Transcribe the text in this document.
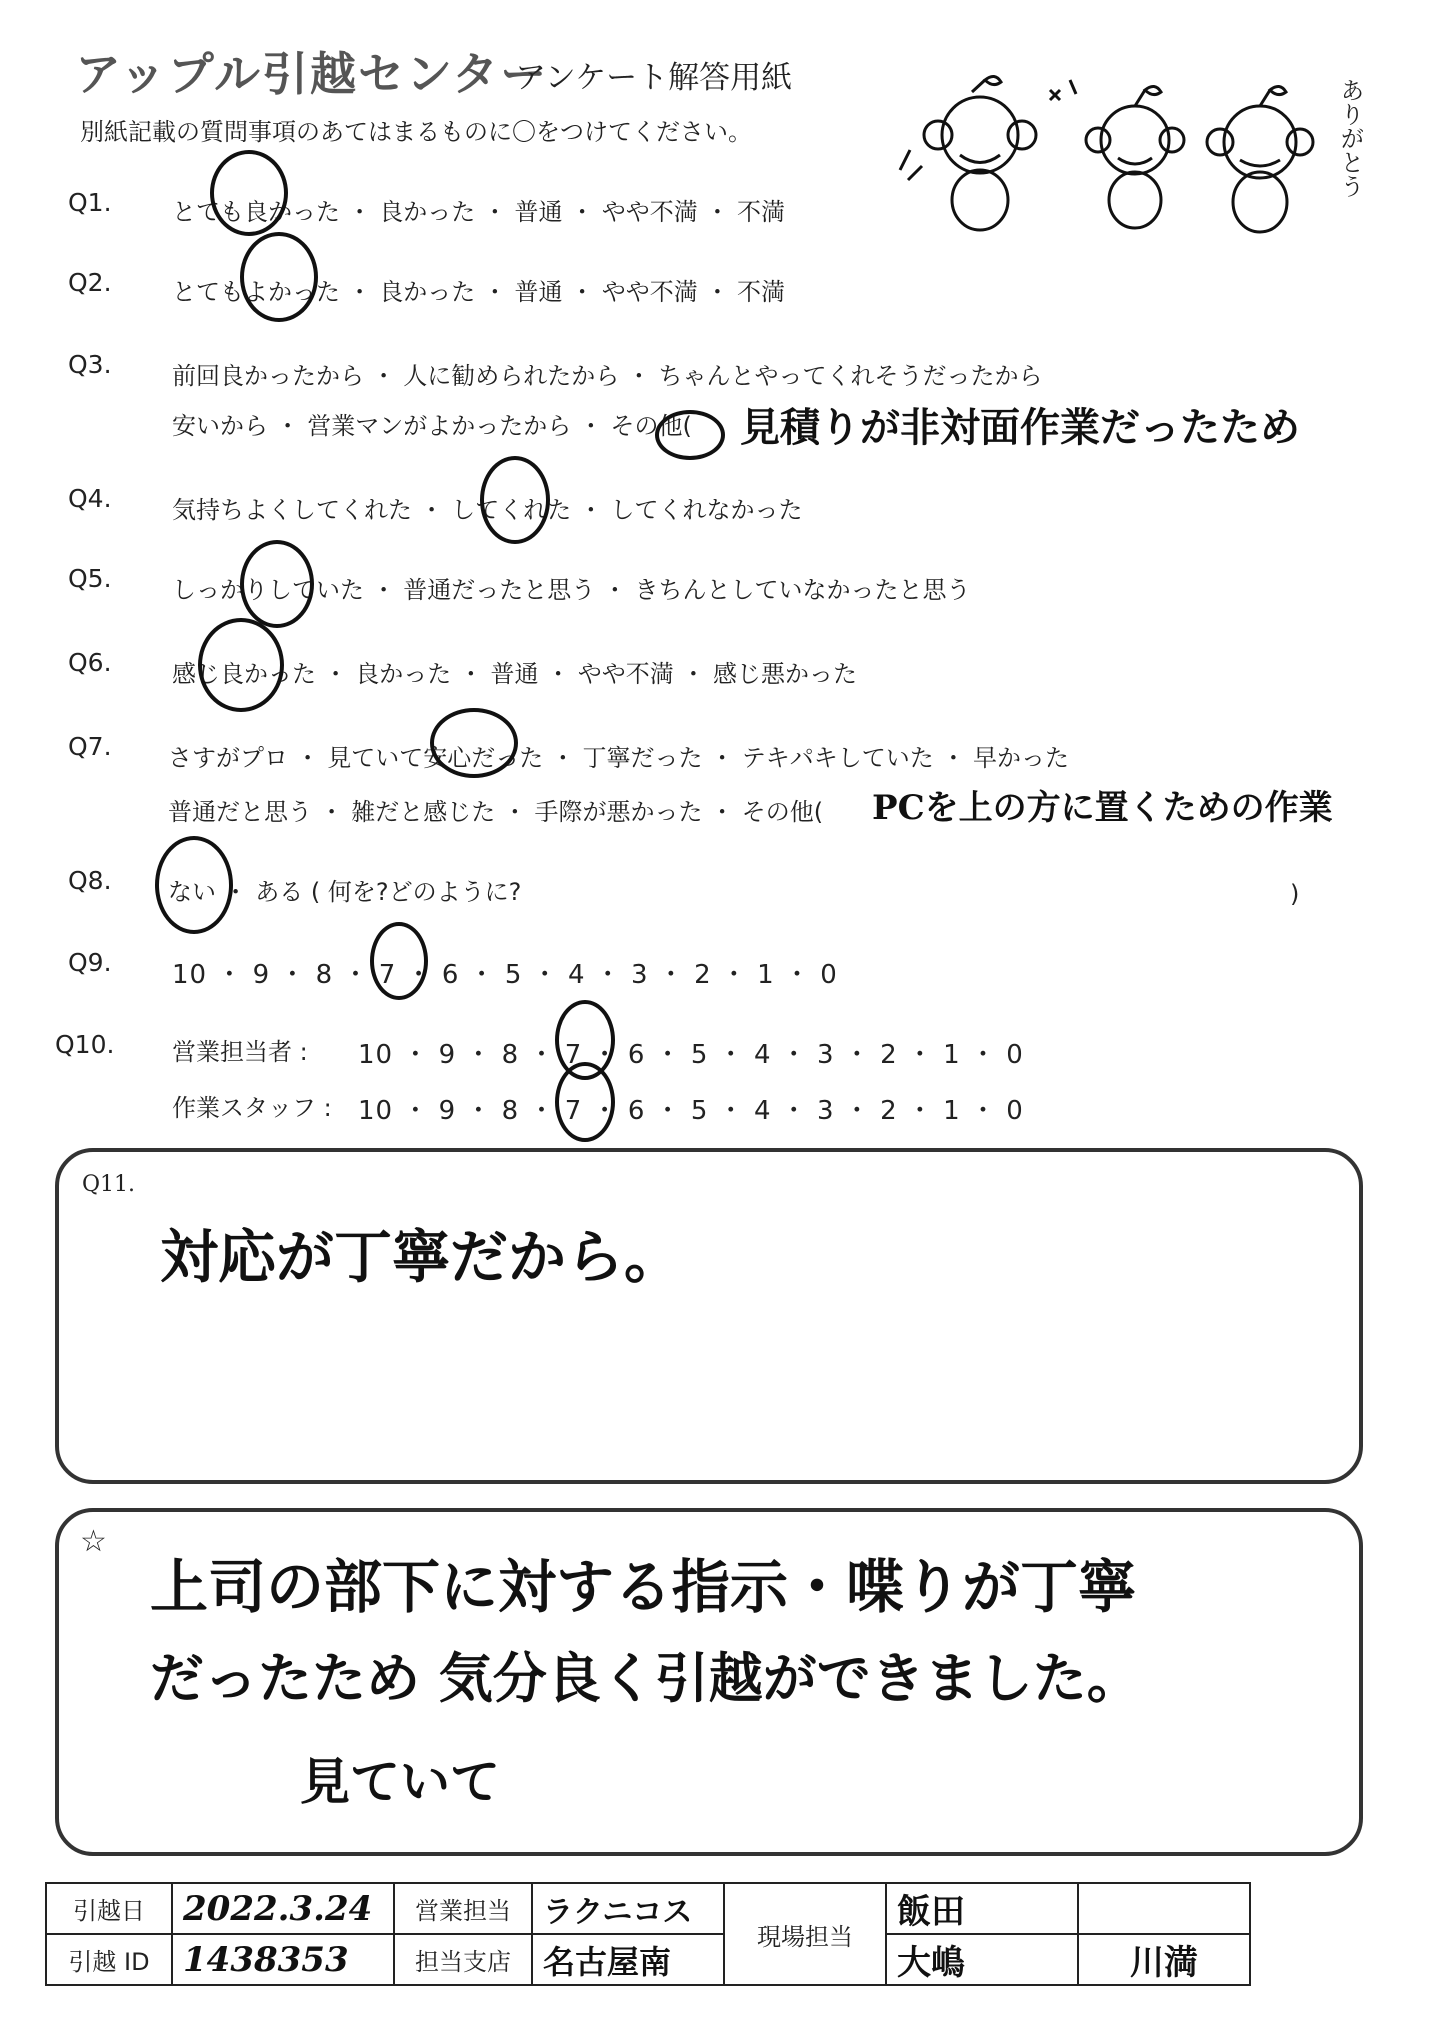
アップル引越センター
アンケート解答用紙
別紙記載の質問事項のあてはまるものに〇をつけてください。	ありがとう
Q1.	とても良かった ・ 良かった ・ 普通 ・ やや不満 ・ 不満
Q2.	とてもよかった ・ 良かった ・ 普通 ・ やや不満 ・ 不満
Q3.	前回良かったから ・ 人に勧められたから ・ ちゃんとやってくれそうだったから
安いから ・ 営業マンがよかったから ・ その他( 見積りが非対面作業だったため
Q4.	気持ちよくしてくれた ・ してくれた ・ してくれなかった
Q5.	しっかりしていた ・ 普通だったと思う ・ きちんとしていなかったと思う
Q6.	感じ良かった ・ 良かった ・ 普通 ・ やや不満 ・ 感じ悪かった
Q7. さすがプロ ・ 見ていて安心だった ・ 丁寧だった ・ テキパキしていた ・ 早かった
普通だと思う ・ 雑だと感じた ・ 手際が悪かった ・ その他( PCを上の方に置くための作業
Q8. ない ・ ある ( 何を?どのように?	)
Q9. 10 ・ 9 ・ 8 ・ 7 ・ 6 ・ 5 ・ 4 ・ 3 ・ 2 ・ 1 ・ 0
Q10. 営業担当者 : 10 ・ 9 ・ 8 ・ 7 ・ 6 ・ 5 ・ 4 ・ 3 ・ 2 ・ 1 ・ 0
作業スタッフ : 10 ・ 9 ・ 8 ・ 7 ・ 6 ・ 5 ・ 4 ・ 3 ・ 2 ・ 1 ・ 0
Q11.
対応が丁寧だから。
☆
上司の部下に対する指示・喋りが丁寧
だったため 気分良く引越ができました。
見ていて
引越日	2022.3.24	営業担当	ラクニコス	現場担当	飯田	
引越 ID	1438353	担当支店	名古屋南		大嶋	川満
